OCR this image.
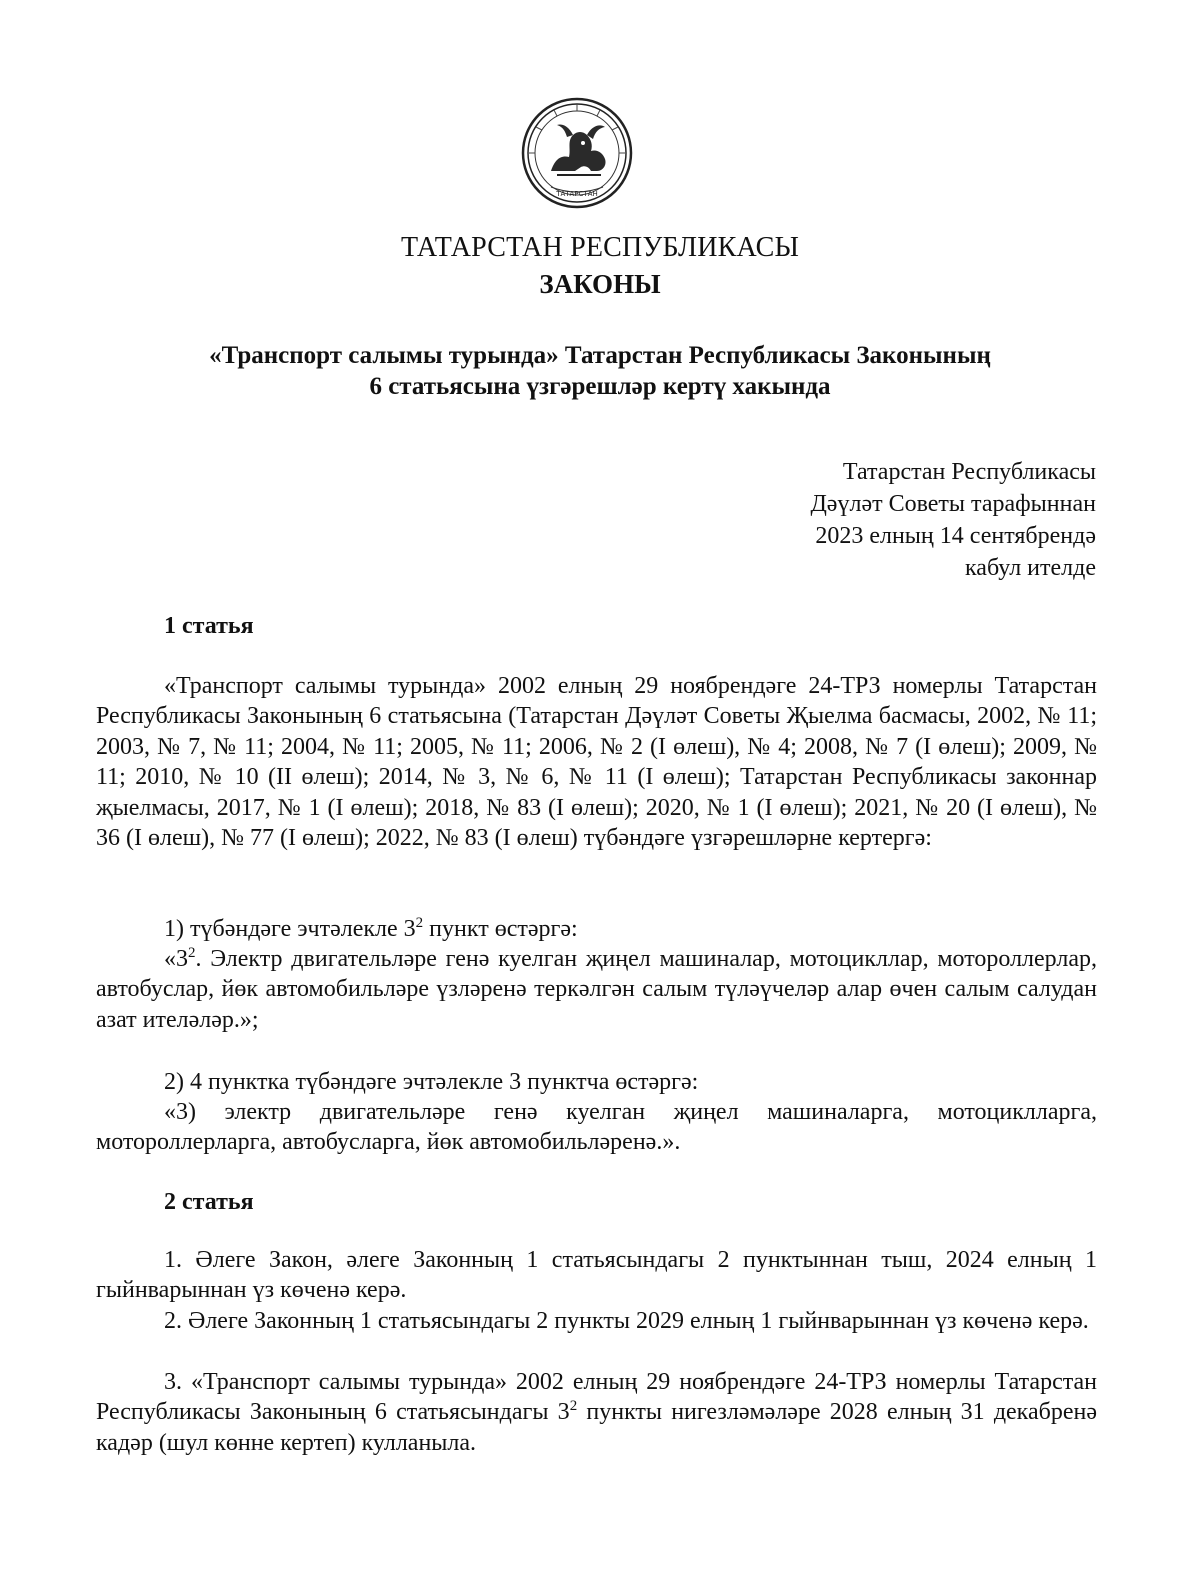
ТАТАРСТАН
ТАТАРСТАН РЕСПУБЛИКАСЫ
ЗАКОНЫ
«Транспорт салымы турында» Татарстан Республикасы Законының
6 статьясына үзгәрешләр кертү хакында
Татарстан Республикасы
Дәүләт Советы тарафыннан
2023 елның 14 сентябрендә
кабул ителде
1 статья

«Транспорт салымы турында» 2002 елның 29 ноябрендәге 24-ТРЗ номерлы Татарстан Республикасы Законының 6 статьясына (Татарстан Дәүләт Советы Җыелма басмасы, 2002, № 11; 2003, № 7, № 11; 2004, № 11; 2005, № 11; 2006, № 2 (I өлеш), № 4; 2008, № 7 (I өлеш); 2009, № 11; 2010, № 10 (II өлеш); 2014, № 3, № 6, № 11 (I өлеш); Татарстан Республикасы законнар җыелмасы, 2017, № 1 (I өлеш); 2018, № 83 (I өлеш); 2020, № 1 (I өлеш); 2021, № 20 (I өлеш), № 36 (I өлеш), № 77 (I өлеш); 2022, № 83 (I өлеш) түбәндәге үзгәрешләрне кертергә:

1) түбәндәге эчтәлекле $3^2$ пункт өстәргә:

«$3^2$. Электр двигательләре генә куелган җиңел машиналар, мотоцикллар, мотороллерлар, автобуслар, йөк автомобильләре үзләренә теркәлгән салым түләүчеләр алар өчен салым салудан азат ителәләр.»;

2) 4 пунктка түбәндәге эчтәлекле 3 пунктча өстәргә:

«3) электр двигательләре генә куелган җиңел машиналарга, мотоциклларга, мотороллерларга, автобусларга, йөк автомобильләренә.».

2 статья

1. Әлеге Закон, әлеге Законның 1 статьясындагы 2 пунктыннан тыш, 2024 елның 1 гыйнварыннан үз көченә керә.

2. Әлеге Законның 1 статьясындагы 2 пункты 2029 елның 1 гыйнварыннан үз көченә керә.

3. «Транспорт салымы турында» 2002 елның 29 ноябрендәге 24-ТРЗ номерлы Татарстан Республикасы Законының 6 статьясындагы $3^2$ пункты нигезләмәләре 2028 елның 31 декабренә кадәр (шул көнне кертеп) кулланыла.
